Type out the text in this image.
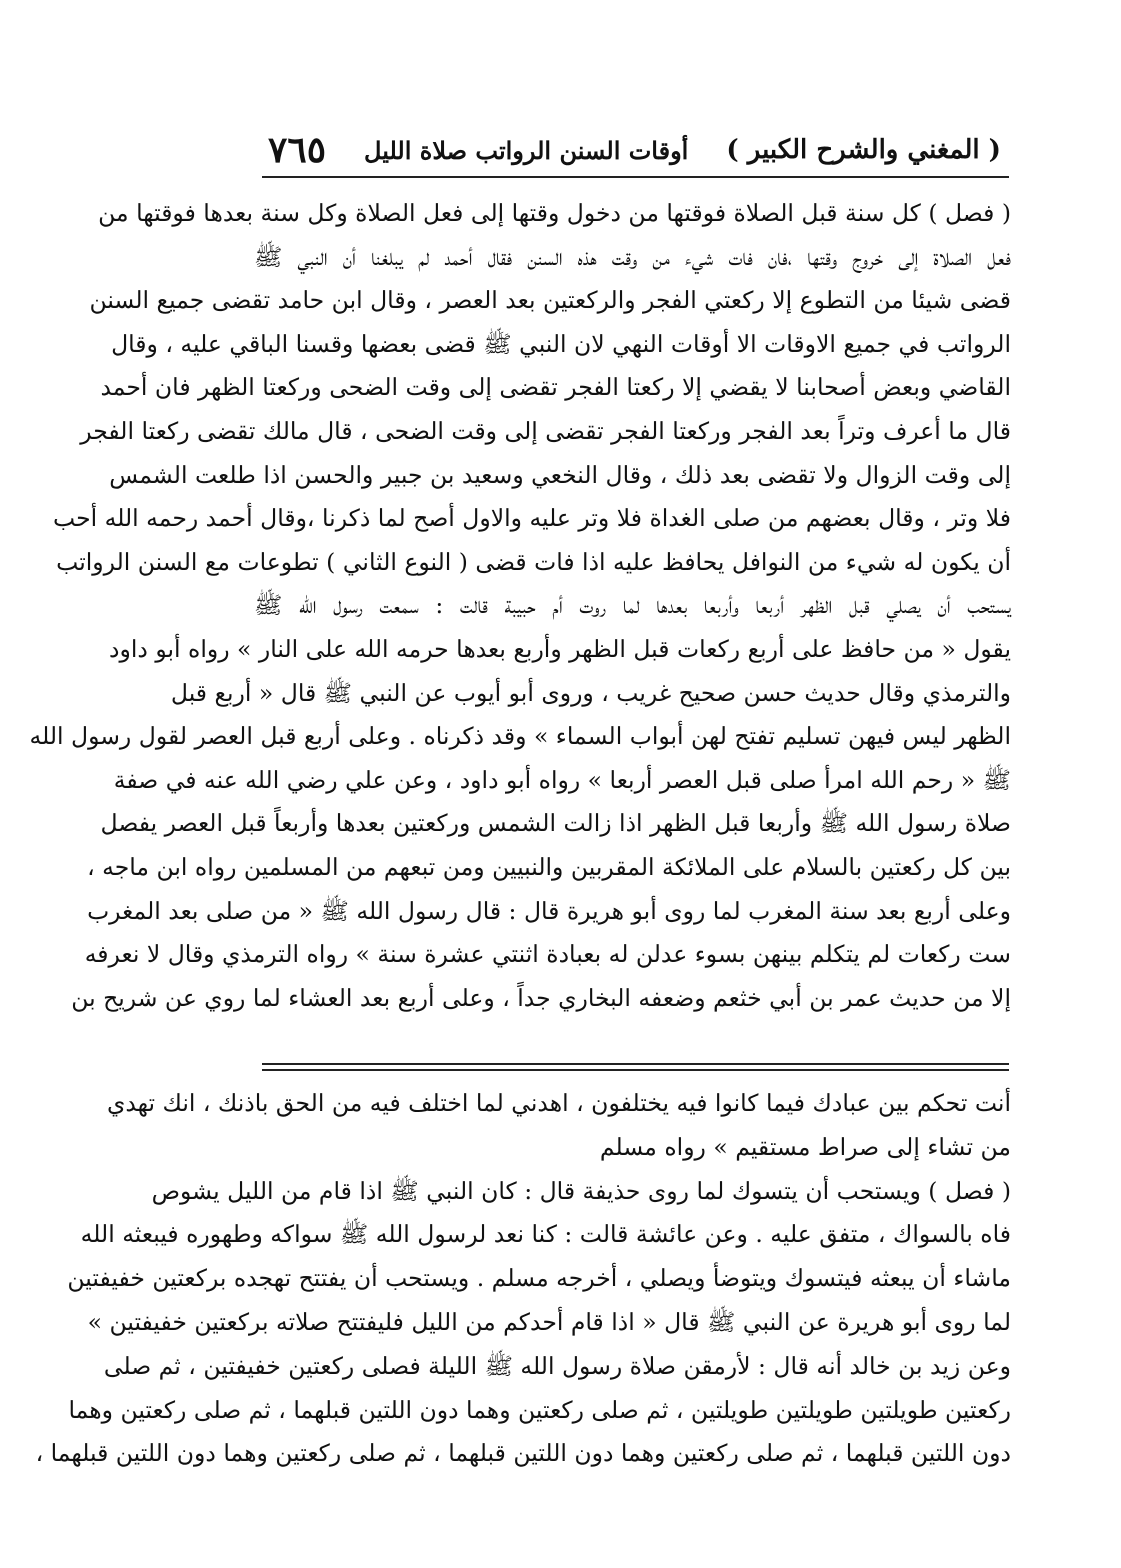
( المغني والشرح الكبير )
أوقات السنن الرواتب صلاة الليل
٧٦٥

( فصل ) كل سنة قبل الصلاة فوقتها من دخول وقتها إلى فعل الصلاة وكل سنة بعدها فوقتها من

فعل الصلاة إلى خروج وقتها ،فان فات شيء من وقت هذه السنن فقال أحمد لم يبلغنا أن النبي ﷺ

قضى شيئا من التطوع إلا ركعتي الفجر والركعتين بعد العصر ، وقال ابن حامد تقضى جميع السنن

الرواتب في جميع الاوقات الا أوقات النهي لان النبي ﷺ قضى بعضها وقسنا الباقي عليه ، وقال

القاضي وبعض أصحابنا لا يقضي إلا ركعتا الفجر تقضى إلى وقت الضحى وركعتا الظهر فان أحمد

قال ما أعرف وتراً بعد الفجر وركعتا الفجر تقضى إلى وقت الضحى ، قال مالك تقضى ركعتا الفجر

إلى وقت الزوال ولا تقضى بعد ذلك ، وقال النخعي وسعيد بن جبير والحسن اذا طلعت الشمس

فلا وتر ، وقال بعضهم من صلى الغداة فلا وتر عليه والاول أصح لما ذكرنا ،وقال أحمد رحمه الله أحب

أن يكون له شيء من النوافل يحافظ عليه اذا فات قضى ( النوع الثاني ) تطوعات مع السنن الرواتب

يستحب أن يصلي قبل الظهر أربعا وأربعا بعدها لما روت أم حبيبة قالت : سمعت رسول الله ﷺ

يقول « من حافظ على أربع ركعات قبل الظهر وأربع بعدها حرمه الله على النار » رواه أبو داود

والترمذي وقال حديث حسن صحيح غريب ، وروى أبو أيوب عن النبي ﷺ قال « أربع قبل

الظهر ليس فيهن تسليم تفتح لهن أبواب السماء » وقد ذكرناه . وعلى أربع قبل العصر لقول رسول الله

ﷺ « رحم الله امرأ صلى قبل العصر أربعا » رواه أبو داود ، وعن علي رضي الله عنه في صفة

صلاة رسول الله ﷺ وأربعا قبل الظهر اذا زالت الشمس وركعتين بعدها وأربعاً قبل العصر يفصل

بين كل ركعتين بالسلام على الملائكة المقربين والنبيين ومن تبعهم من المسلمين رواه ابن ماجه ،

وعلى أربع بعد سنة المغرب لما روى أبو هريرة قال : قال رسول الله ﷺ « من صلى بعد المغرب

ست ركعات لم يتكلم بينهن بسوء عدلن له بعبادة اثنتي عشرة سنة » رواه الترمذي وقال لا نعرفه

إلا من حديث عمر بن أبي خثعم وضعفه البخاري جداً ، وعلى أربع بعد العشاء لما روي عن شريح بن

أنت تحكم بين عبادك فيما كانوا فيه يختلفون ، اهدني لما اختلف فيه من الحق باذنك ، انك تهدي

من تشاء إلى صراط مستقيم » رواه مسلم

( فصل ) ويستحب أن يتسوك لما روى حذيفة قال : كان النبي ﷺ اذا قام من الليل يشوص

فاه بالسواك ، متفق عليه . وعن عائشة قالت : كنا نعد لرسول الله ﷺ سواكه وطهوره فيبعثه الله

ماشاء أن يبعثه فيتسوك ويتوضأ ويصلي ، أخرجه مسلم . ويستحب أن يفتتح تهجده بركعتين خفيفتين

لما روى أبو هريرة عن النبي ﷺ قال « اذا قام أحدكم من الليل فليفتتح صلاته بركعتين خفيفتين »

وعن زيد بن خالد أنه قال : لأرمقن صلاة رسول الله ﷺ الليلة فصلى ركعتين خفيفتين ، ثم صلى

ركعتين طويلتين طويلتين طويلتين ، ثم صلى ركعتين وهما دون اللتين قبلهما ، ثم صلى ركعتين وهما

دون اللتين قبلهما ، ثم صلى ركعتين وهما دون اللتين قبلهما ، ثم صلى ركعتين وهما دون اللتين قبلهما ،
